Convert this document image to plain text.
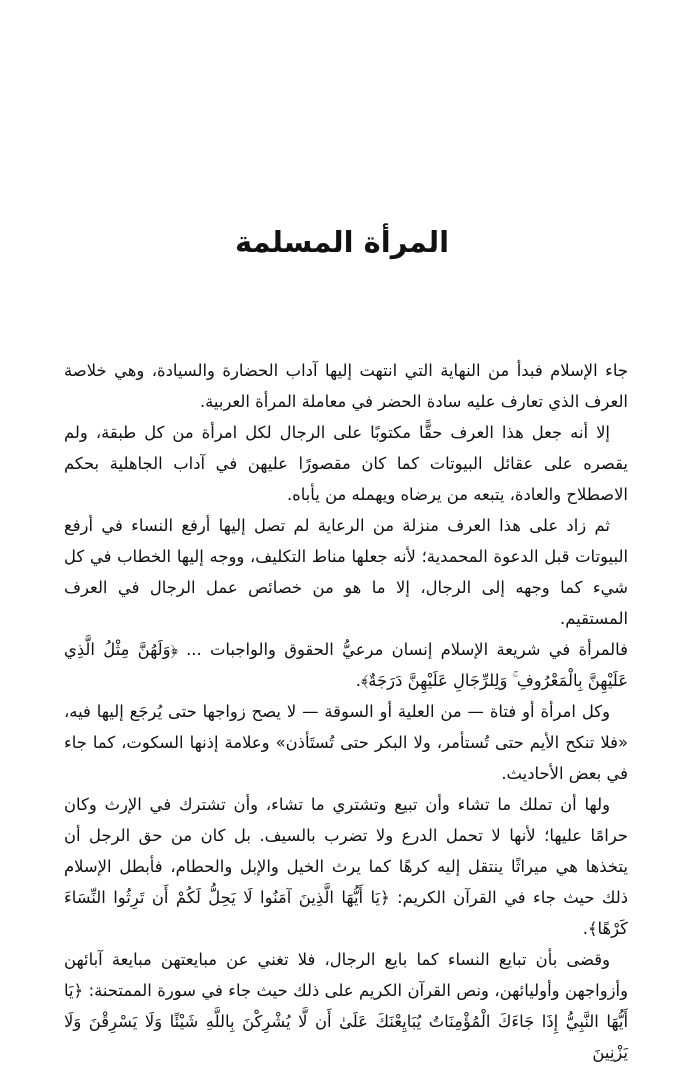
المرأة المسلمة

جاء الإسلام فبدأ من النهاية التي انتهت إليها آداب الحضارة والسيادة، وهي خلاصة العرف الذي تعارف عليه سادة الحضر في معاملة المرأة العربية.

إلا أنه جعل هذا العرف حقًّا مكتوبًا على الرجال لكل امرأة من كل طبقة، ولم يقصره على عقائل البيوتات كما كان مقصورًا عليهن في آداب الجاهلية بحكم الاصطلاح والعادة، يتبعه من يرضاه ويهمله من يأباه.

ثم زاد على هذا العرف منزلة من الرعاية لم تصل إليها أرفع النساء في أرفع البيوتات قبل الدعوة المحمدية؛ لأنه جعلها مناط التكليف، ووجه إليها الخطاب في كل شيء كما وجهه إلى الرجال، إلا ما هو من خصائص عمل الرجال في العرف المستقيم.

فالمرأة في شريعة الإسلام إنسان مرعيُّ الحقوق والواجبات ... ﴿وَلَهُنَّ مِثْلُ الَّذِي عَلَيْهِنَّ بِالْمَعْرُوفِ ۚ وَلِلرِّجَالِ عَلَيْهِنَّ دَرَجَةٌ﴾.

وكل امرأة أو فتاة — من العلية أو السوقة — لا يصح زواجها حتى يُرجَع إليها فيه، «فلا تنكح الأيم حتى تُستأمر، ولا البكر حتى تُستَأذن» وعلامة إذنها السكوت، كما جاء في بعض الأحاديث.

ولها أن تملك ما تشاء وأن تبيع وتشتري ما تشاء، وأن تشترك في الإرث وكان حرامًا عليها؛ لأنها لا تحمل الدرع ولا تضرب بالسيف. بل كان من حق الرجل أن يتخذها هي ميراثًا ينتقل إليه كرهًا كما يرث الخيل والإبل والحطام، فأبطل الإسلام ذلك حيث جاء في القرآن الكريم: ﴿يَا أَيُّهَا الَّذِينَ آمَنُوا لَا يَحِلُّ لَكُمْ أَن تَرِثُوا النِّسَاءَ كَرْهًا﴾.

وقضى بأن تبايع النساء كما بايع الرجال، فلا تغني عن مبايعتهن مبايعة آبائهن وأزواجهن وأوليائهن، ونص القرآن الكريم على ذلك حيث جاء في سورة الممتحنة: ﴿يَا أَيُّهَا النَّبِيُّ إِذَا جَاءَكَ الْمُؤْمِنَاتُ يُبَايِعْنَكَ عَلَىٰ أَن لَّا يُشْرِكْنَ بِاللَّهِ شَيْئًا وَلَا يَسْرِقْنَ وَلَا يَزْنِينَ
